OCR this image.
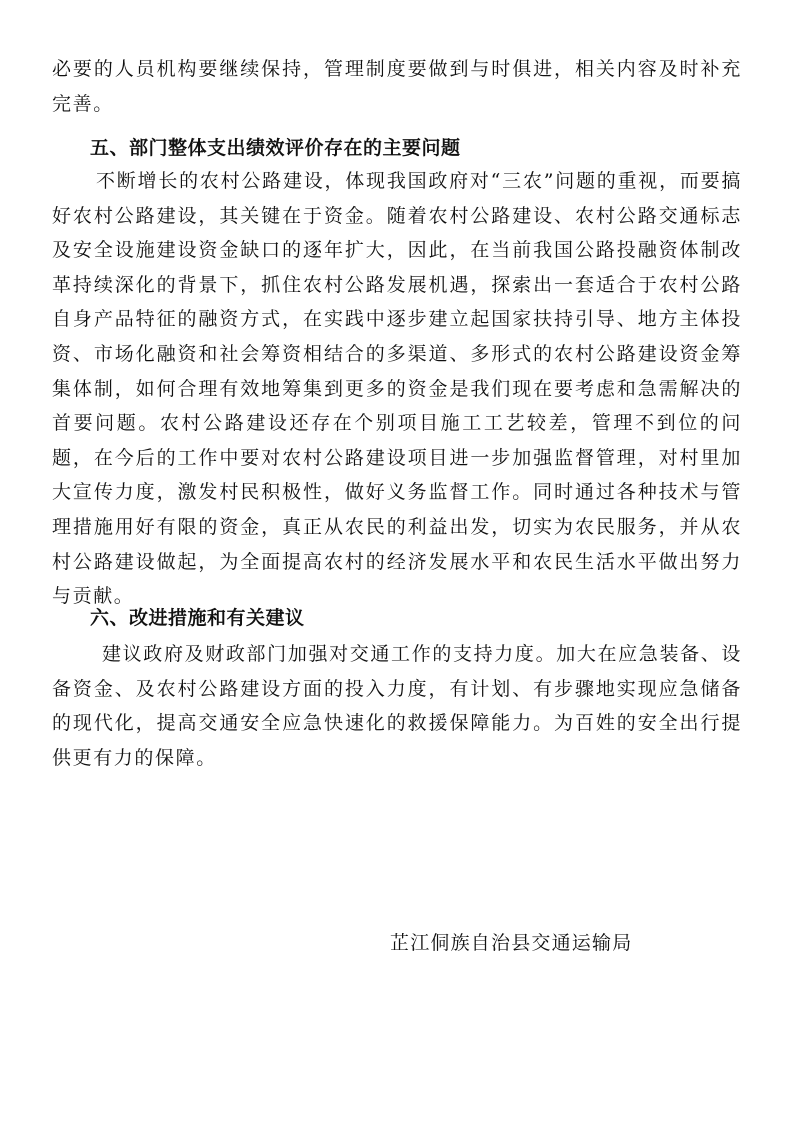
必要的人员机构要继续保持，管理制度要做到与时俱进，相关内容及时补充完善。

五、部门整体支出绩效评价存在的主要问题

不断增长的农村公路建设，体现我国政府对“三农”问题的重视，而要搞好农村公路建设，其关键在于资金。随着农村公路建设、农村公路交通标志及安全设施建设资金缺口的逐年扩大，因此，在当前我国公路投融资体制改革持续深化的背景下，抓住农村公路发展机遇，探索出一套适合于农村公路自身产品特征的融资方式，在实践中逐步建立起国家扶持引导、地方主体投资、市场化融资和社会筹资相结合的多渠道、多形式的农村公路建设资金筹集体制，如何合理有效地筹集到更多的资金是我们现在要考虑和急需解决的首要问题。农村公路建设还存在个别项目施工工艺较差，管理不到位的问题，在今后的工作中要对农村公路建设项目进一步加强监督管理，对村里加大宣传力度，激发村民积极性，做好义务监督工作。同时通过各种技术与管理措施用好有限的资金，真正从农民的利益出发，切实为农民服务，并从农村公路建设做起，为全面提高农村的经济发展水平和农民生活水平做出努力与贡献。

六、改进措施和有关建议

建议政府及财政部门加强对交通工作的支持力度。加大在应急装备、设备资金、及农村公路建设方面的投入力度，有计划、有步骤地实现应急储备的现代化，提高交通安全应急快速化的救援保障能力。为百姓的安全出行提供更有力的保障。

芷江侗族自治县交通运输局
